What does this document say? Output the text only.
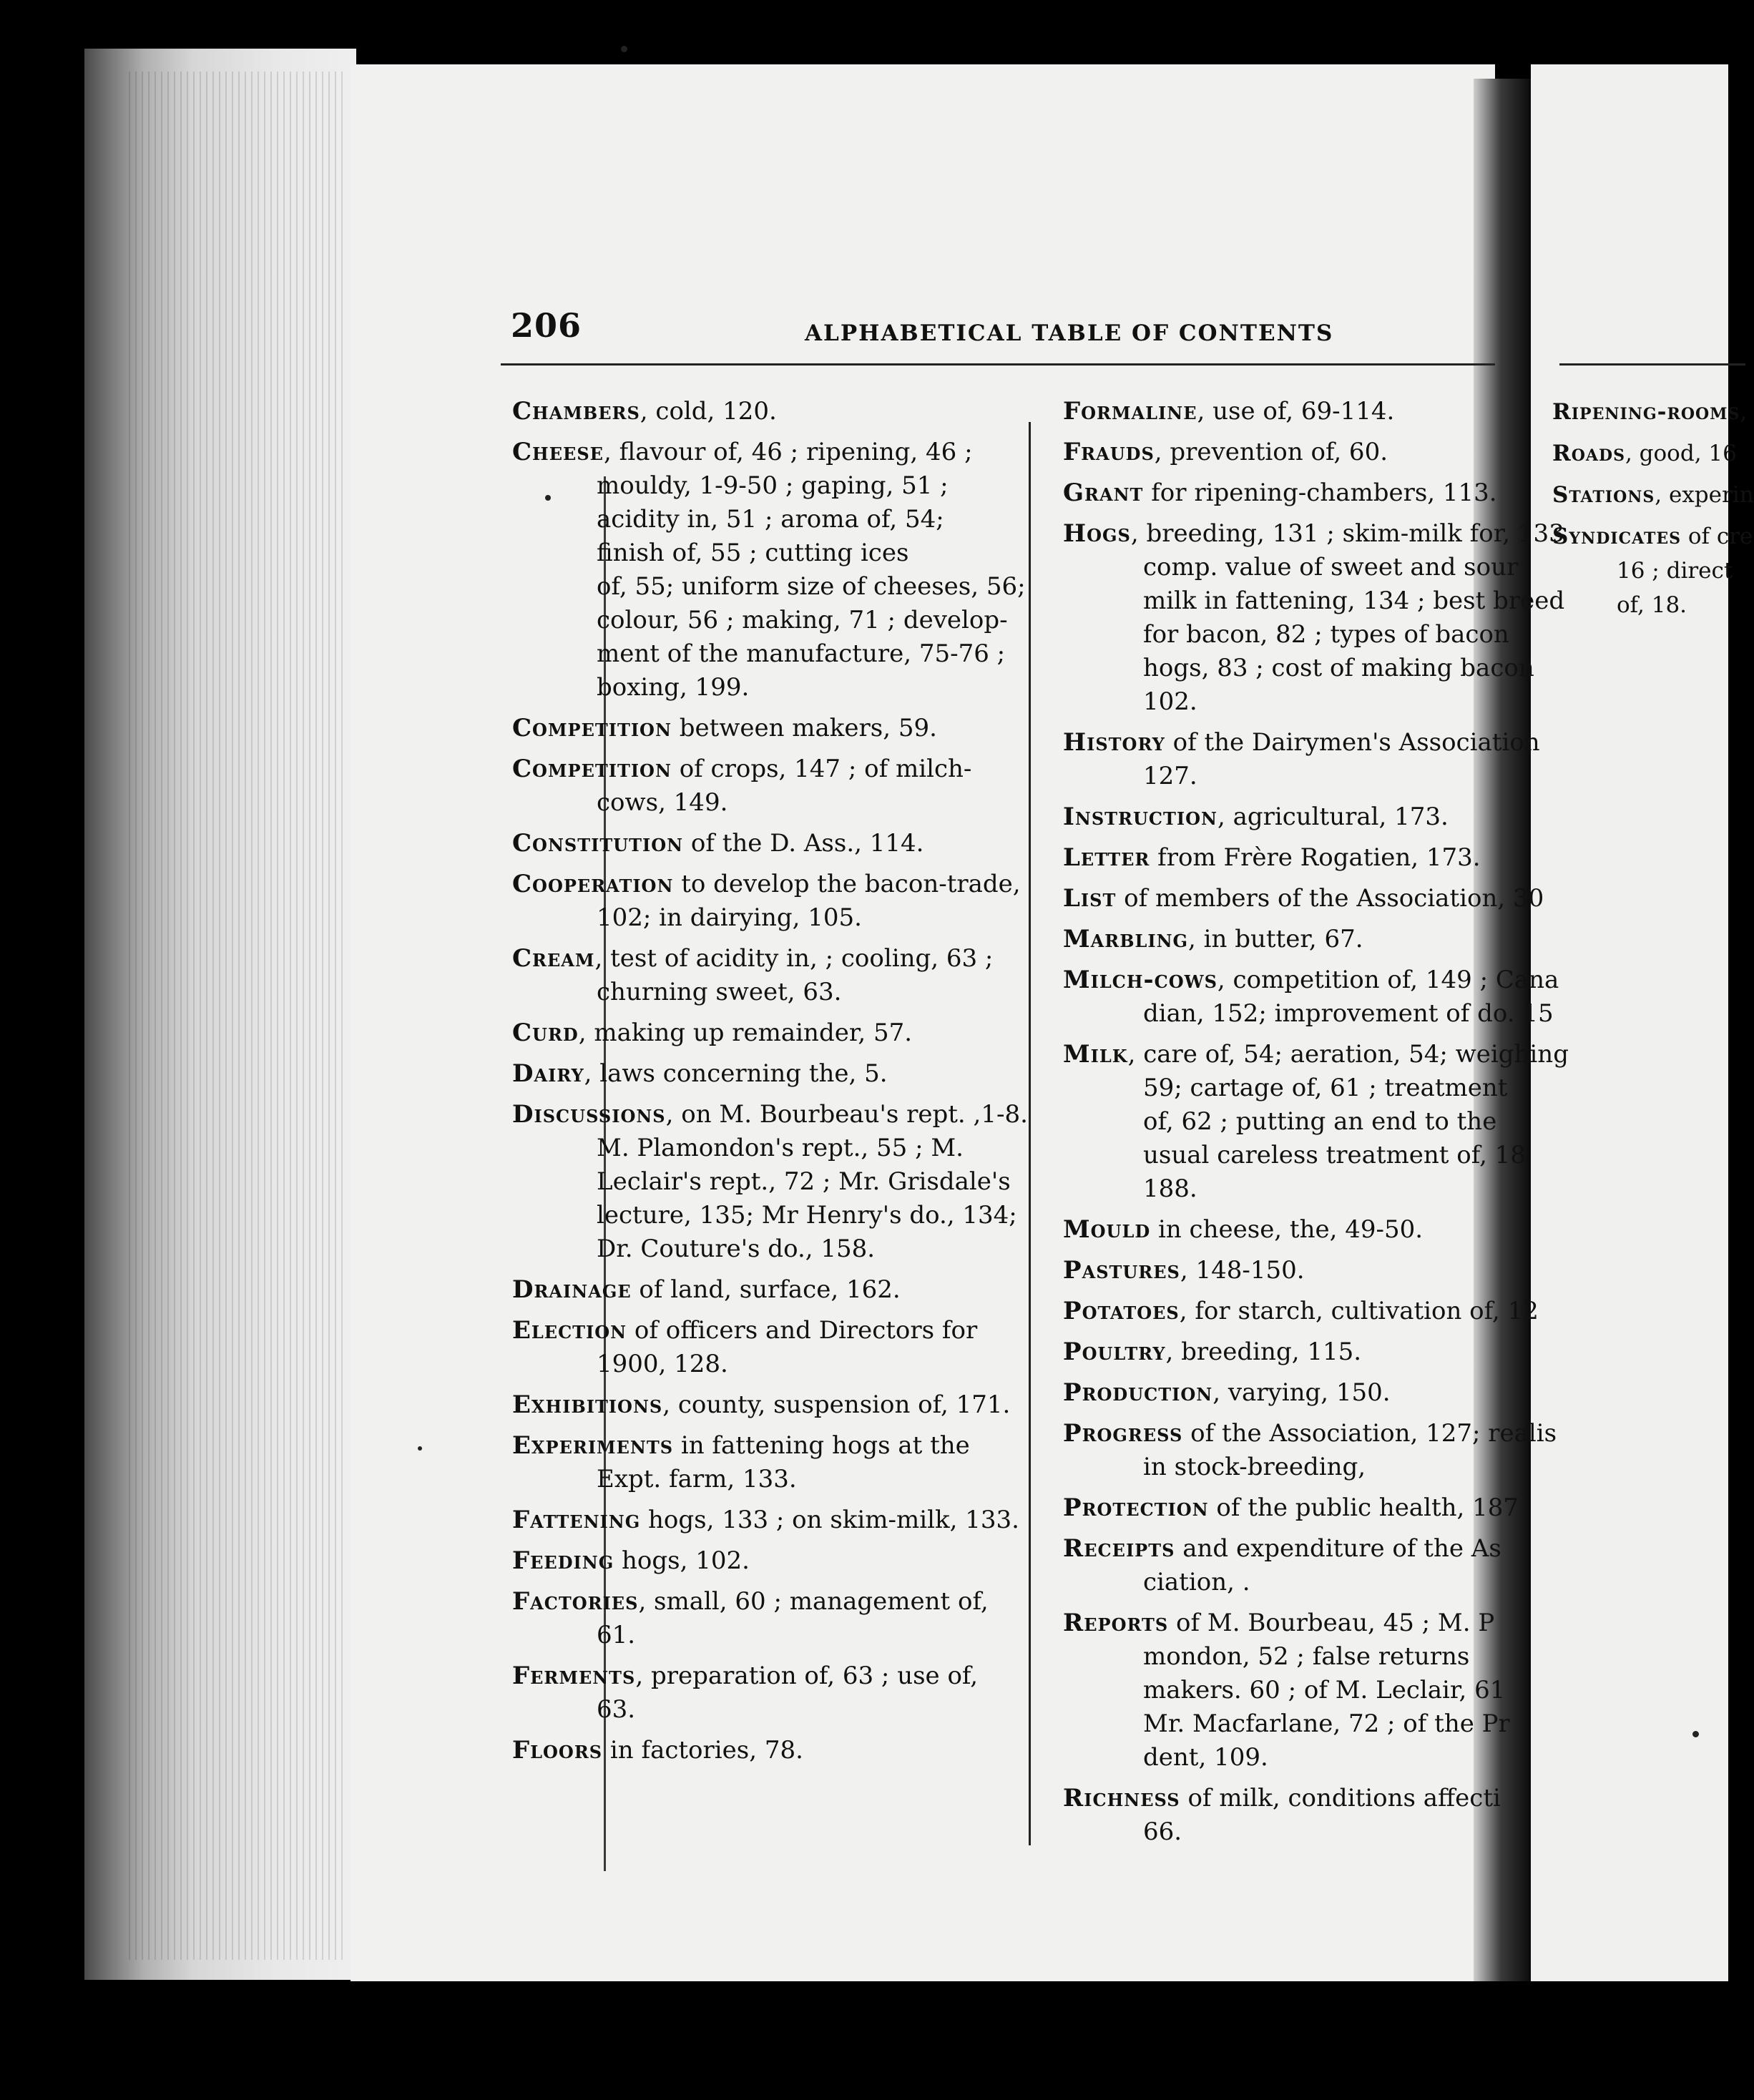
Ripening-rooms,
Roads, good, 16
Stations, experin
Syndicates of cre
16 ; direct
of, 18.
206	ALPHABETICAL TABLE OF CONTENTS
Chambers, cold, 120.
Cheese, flavour of, 46 ; ripening, 46 ;
mouldy, 1-9-50 ; gaping, 51 ;
acidity in, 51 ; aroma of, 54;
finish of, 55 ; cutting ices
of, 55; uniform size of cheeses, 56;
colour, 56 ; making, 71 ; develop-
ment of the manufacture, 75-76 ;
boxing, 199.
Competition between makers, 59.
Competition of crops, 147 ; of milch-
cows, 149.
Constitution of the D. Ass., 114.
Cooperation to develop the bacon-trade,
102; in dairying, 105.
Cream, test of acidity in, ; cooling, 63 ;
churning sweet, 63.
Curd, making up remainder, 57.
Dairy, laws concerning the, 5.
Discussions, on M. Bourbeau's rept. ,1-8.
M. Plamondon's rept., 55 ; M.
Leclair's rept., 72 ; Mr. Grisdale's
lecture, 135; Mr Henry's do., 134;
Dr. Couture's do., 158.
Drainage of land, surface, 162.
Election of officers and Directors for
1900, 128.
Exhibitions, county, suspension of, 171.
Experiments in fattening hogs at the
Expt. farm, 133.
Fattening hogs, 133 ; on skim-milk, 133.
Feeding hogs, 102.
Factories, small, 60 ; management of,
61.
Ferments, preparation of, 63 ; use of,
63.
Floors in factories, 78.
Formaline, use of, 69-114.
Frauds, prevention of, 60.
Grant for ripening-chambers, 113.
Hogs, breeding, 131 ; skim-milk for, 133
comp. value of sweet and sour
milk in fattening, 134 ; best breed
for bacon, 82 ; types of bacon
hogs, 83 ; cost of making bacon
102.
History of the Dairymen's Association
127.
Instruction, agricultural, 173.
Letter from Frère Rogatien, 173.
List of members of the Association, 30
Marbling, in butter, 67.
Milch-cows, competition of, 149 ; Cana
dian, 152; improvement of do. 15
Milk, care of, 54; aeration, 54; weighing
59; cartage of, 61 ; treatment
of, 62 ; putting an end to the
usual careless treatment of, 18
188.
Mould in cheese, the, 49-50.
Pastures, 148-150.
Potatoes, for starch, cultivation of, 12
Poultry, breeding, 115.
Production, varying, 150.
Progress of the Association, 127; realis
in stock-breeding,
Protection of the public health, 187
Receipts and expenditure of the As
ciation, .
Reports of M. Bourbeau, 45 ; M. P
mondon, 52 ; false returns
makers. 60 ; of M. Leclair, 61
Mr. Macfarlane, 72 ; of the Pr
dent, 109.
Richness of milk, conditions affecti
66.
